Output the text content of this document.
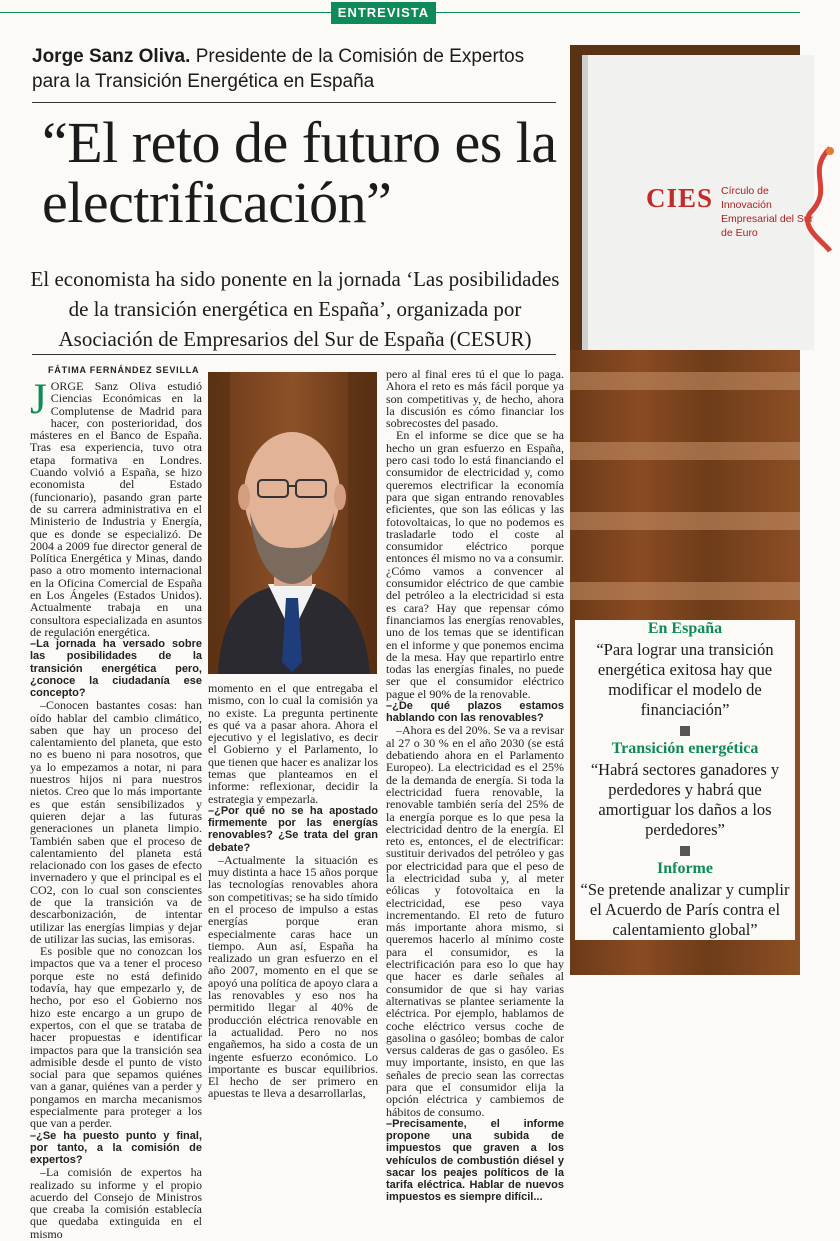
ENTREVISTA
Jorge Sanz Oliva. Presidente de la Comisión de Expertos para la Transición Energética en España
“El reto de futuro es la electrificación”
El economista ha sido ponente en la jornada ‘Las posibilidades de la transición energética en España’, organizada por Asociación de Empresarios del Sur de España (CESUR)
FÁTIMA FERNÁNDEZ SEVILLA
CIES Círculo de Innovación
Empresarial del Sur de Euro
J ORGE Sanz Oliva estudió Ciencias Económicas en la Complutense de Madrid para hacer, con posterioridad, dos másteres en el Banco de España. Tras esa experiencia, tuvo otra etapa formativa en Londres. Cuando volvió a España, se hizo economista del Estado (funcionario), pasando gran parte de su carrera administrativa en el Ministerio de Industria y Energía, que es donde se especializó. De 2004 a 2009 fue director general de Política Energética y Minas, dando paso a otro momento internacional en la Oficina Comercial de España en Los Ángeles (Estados Unidos). Actualmente trabaja en una consultora especializada en asuntos de regulación energética.

–La jornada ha versado sobre las posibilidades de la transición energética pero, ¿conoce la ciudadanía ese concepto?

–Conocen bastantes cosas: han oído hablar del cambio climático, saben que hay un proceso del calentamiento del planeta, que esto no es bueno ni para nosotros, que ya lo empezamos a notar, ni para nuestros hijos ni para nuestros nietos. Creo que lo más importante es que están sensibilizados y quieren dejar a las futuras generaciones un planeta limpio. También saben que el proceso de calentamiento del planeta está relacionado con los gases de efecto invernadero y que el principal es el CO2, con lo cual son conscientes de que la transición va de descarbonización, de intentar utilizar las energías limpias y dejar de utilizar las sucias, las emisoras.

Es posible que no conozcan los impactos que va a tener el proceso porque este no está definido todavía, hay que empezarlo y, de hecho, por eso el Gobierno nos hizo este encargo a un grupo de expertos, con el que se trataba de hacer propuestas e identificar impactos para que la transición sea admisible desde el punto de visto social para que sepamos quiénes van a ganar, quiénes van a perder y pongamos en marcha mecanismos especialmente para proteger a los que van a perder.

–¿Se ha puesto punto y final, por tanto, a la comisión de expertos?

–La comisión de expertos ha realizado su informe y el propio acuerdo del Consejo de Ministros que creaba la comisión establecía que quedaba extinguida en el mismo

momento en el que entregaba el mismo, con lo cual la comisión ya no existe. La pregunta pertinente es qué va a pasar ahora. Ahora el ejecutivo y el legislativo, es decir el Gobierno y el Parlamento, lo que tienen que hacer es analizar los temas que planteamos en el informe: reflexionar, decidir la estrategia y empezarla.

–¿Por qué no se ha apostado firmemente por las energías renovables? ¿Se trata del gran debate?

–Actualmente la situación es muy distinta a hace 15 años porque las tecnologías renovables ahora son competitivas; se ha sido tímido en el proceso de impulso a estas energías porque eran especialmente caras hace un tiempo. Aun así, España ha realizado un gran esfuerzo en el año 2007, momento en el que se apoyó una política de apoyo clara a las renovables y eso nos ha permitido llegar al 40% de producción eléctrica renovable en la actualidad. Pero no nos engañemos, ha sido a costa de un ingente esfuerzo económico. Lo importante es buscar equilibrios. El hecho de ser primero en apuestas te lleva a desarrollarlas,

pero al final eres tú el que lo paga. Ahora el reto es más fácil porque ya son competitivas y, de hecho, ahora la discusión es cómo financiar los sobrecostes del pasado.

En el informe se dice que se ha hecho un gran esfuerzo en España, pero casi todo lo está financiando el consumidor de electricidad y, como queremos electrificar la economía para que sigan entrando renovables eficientes, que son las eólicas y las fotovoltaicas, lo que no podemos es trasladarle todo el coste al consumidor eléctrico porque entonces él mismo no va a consumir. ¿Cómo vamos a convencer al consumidor eléctrico de que cambie del petróleo a la electricidad si esta es cara? Hay que repensar cómo financiamos las energías renovables, uno de los temas que se identifican en el informe y que ponemos encima de la mesa. Hay que repartirlo entre todas las energías finales, no puede ser que el consumidor eléctrico pague el 90% de la renovable.

–¿De qué plazos estamos hablando con las renovables?

–Ahora es del 20%. Se va a revisar al 27 o 30 % en el año 2030 (se está debatiendo ahora en el Parlamento Europeo). La electricidad es el 25% de la demanda de energía. Si toda la electricidad fuera renovable, la renovable también sería del 25% de la energía porque es lo que pesa la electricidad dentro de la energía. El reto es, entonces, el de electrificar: sustituir derivados del petróleo y gas por electricidad para que el peso de la electricidad suba y, al meter eólicas y fotovoltaica en la electricidad, ese peso vaya incrementando. El reto de futuro más importante ahora mismo, si queremos hacerlo al mínimo coste para el consumidor, es la electrificación para eso lo que hay que hacer es darle señales al consumidor de que si hay varias alternativas se plantee seriamente la eléctrica. Por ejemplo, hablamos de coche eléctrico versus coche de gasolina o gasóleo; bombas de calor versus calderas de gas o gasóleo. Es muy importante, insisto, en que las señales de precio sean las correctas para que el consumidor elija la opción eléctrica y cambiemos de hábitos de consumo.

–Precisamente, el informe propone una subida de impuestos que graven a los vehículos de combustión diésel y sacar los peajes políticos de la tarifa eléctrica. Hablar de nuevos impuestos es siempre difícil...

En España
“Para lograr una transición energética exitosa hay que modificar el modelo de financiación”
Transición energética
“Habrá sectores ganadores y perdedores y habrá que amortiguar los daños a los perdedores”
Informe
“Se pretende analizar y cumplir el Acuerdo de París contra el calentamiento global”
